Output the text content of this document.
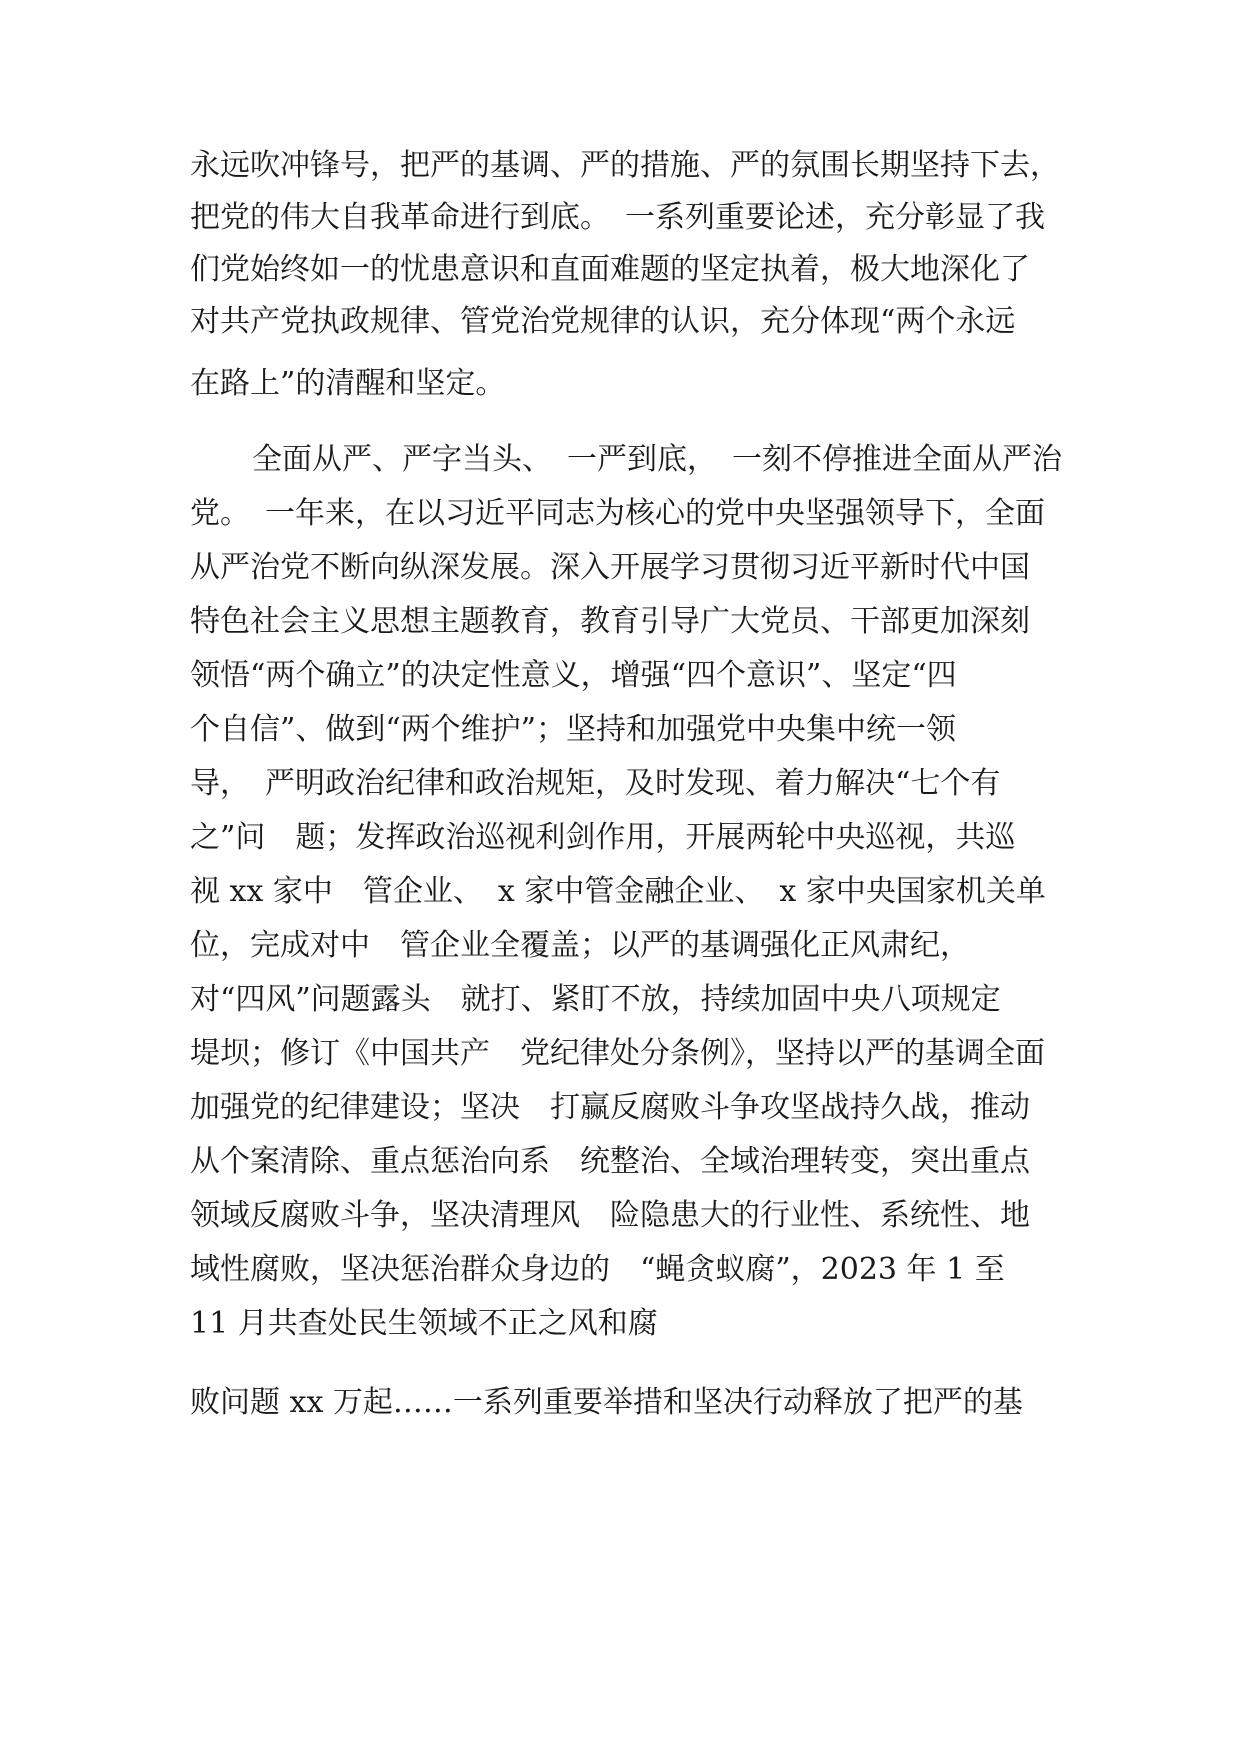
永远吹冲锋号，把严的基调、严的措施、严的氛围长期坚持下去，
把党的伟大自我革命进行到底。　一系列重要论述，充分彰显了我
们党始终如一的忧患意识和直面难题的坚定执着，极大地深化了
对共产党执政规律、管党治党规律的认识，充分体现“两个永远
在路上”的清醒和坚定。
全面从严、严字当头、　一严到底，　一刻不停推进全面从严治
党。　一年来，在以习近平同志为核心的党中央坚强领导下，全面
从严治党不断向纵深发展。深入开展学习贯彻习近平新时代中国
特色社会主义思想主题教育，教育引导广大党员、干部更加深刻
领悟“两个确立”的决定性意义，增强“四个意识”、坚定“四
个自信”、做到“两个维护”；坚持和加强党中央集中统一领
导，　严明政治纪律和政治规矩，及时发现、着力解决“七个有
之”问　题；发挥政治巡视利剑作用，开展两轮中央巡视，共巡
视 xx 家中　管企业、　x 家中管金融企业、　x 家中央国家机关单
位，完成对中　管企业全覆盖；以严的基调强化正风肃纪，
对“四风”问题露头　就打、紧盯不放，持续加固中央八项规定
堤坝；修订《中国共产　党纪律处分条例》，坚持以严的基调全面
加强党的纪律建设；坚决　打赢反腐败斗争攻坚战持久战，推动
从个案清除、重点惩治向系　统整治、全域治理转变，突出重点
领域反腐败斗争，坚决清理风　险隐患大的行业性、系统性、地
域性腐败，坚决惩治群众身边的　“蝇贪蚁腐”，2023 年 1 至
11 月共查处民生领域不正之风和腐
败问题 xx 万起……一系列重要举措和坚决行动释放了把严的基
